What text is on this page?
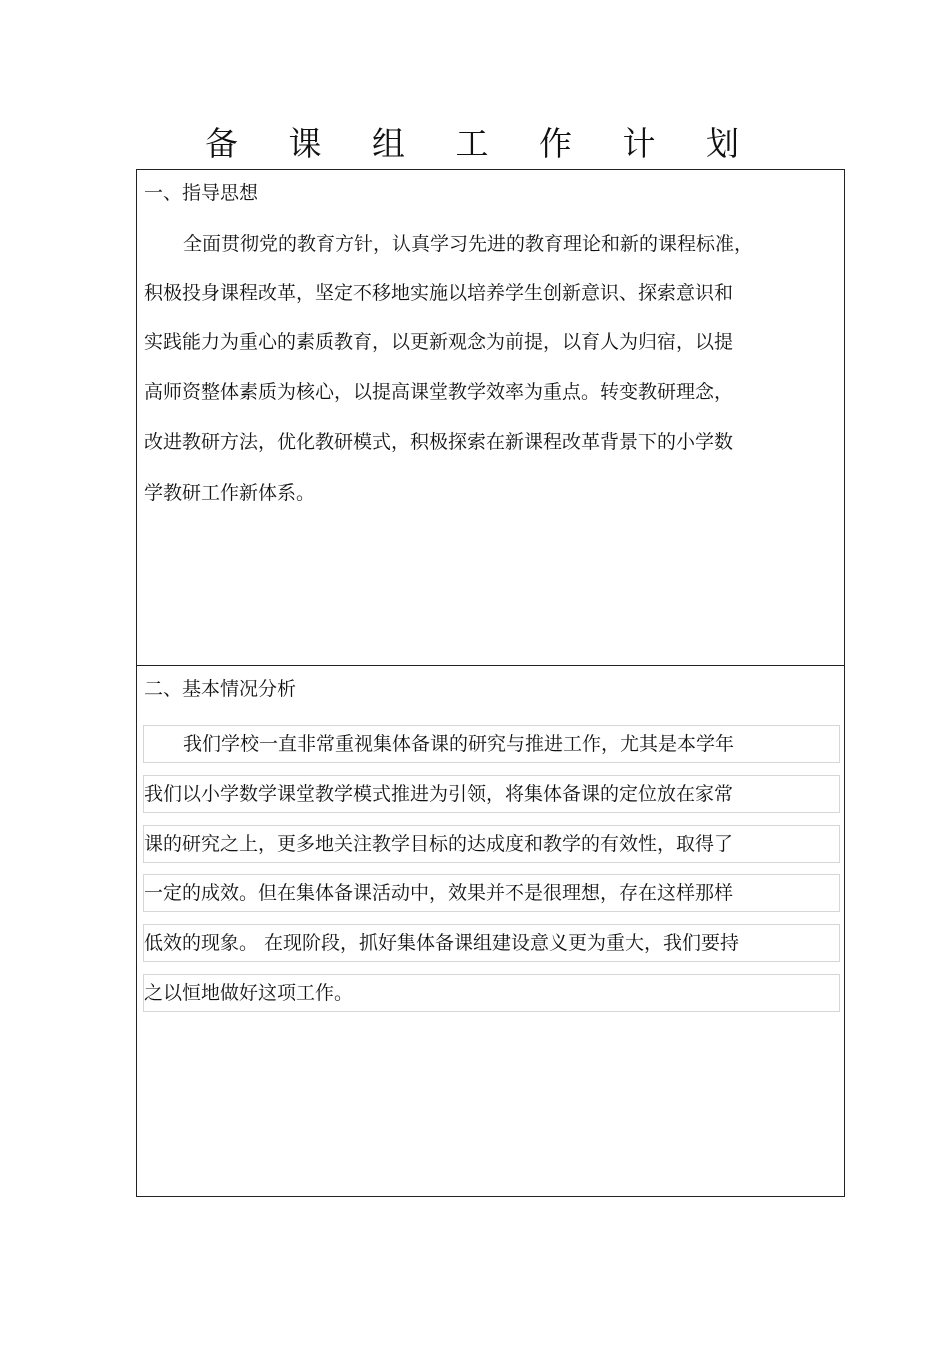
备 课 组 工 作 计 划
一、指导思想
全面贯彻党的教育方针，认真学习先进的教育理论和新的课程标准，
积极投身课程改革，坚定不移地实施以培养学生创新意识、探索意识和
实践能力为重心的素质教育，以更新观念为前提，以育人为归宿，以提
高师资整体素质为核心，以提高课堂教学效率为重点。转变教研理念，
改进教研方法，优化教研模式，积极探索在新课程改革背景下的小学数
学教研工作新体系。
二、基本情况分析
我们学校一直非常重视集体备课的研究与推进工作，尤其是本学年
我们以小学数学课堂教学模式推进为引领，将集体备课的定位放在家常
课的研究之上，更多地关注教学目标的达成度和教学的有效性，取得了
一定的成效。但在集体备课活动中，效果并不是很理想，存在这样那样
低效的现象。 在现阶段，抓好集体备课组建设意义更为重大，我们要持
之以恒地做好这项工作。
